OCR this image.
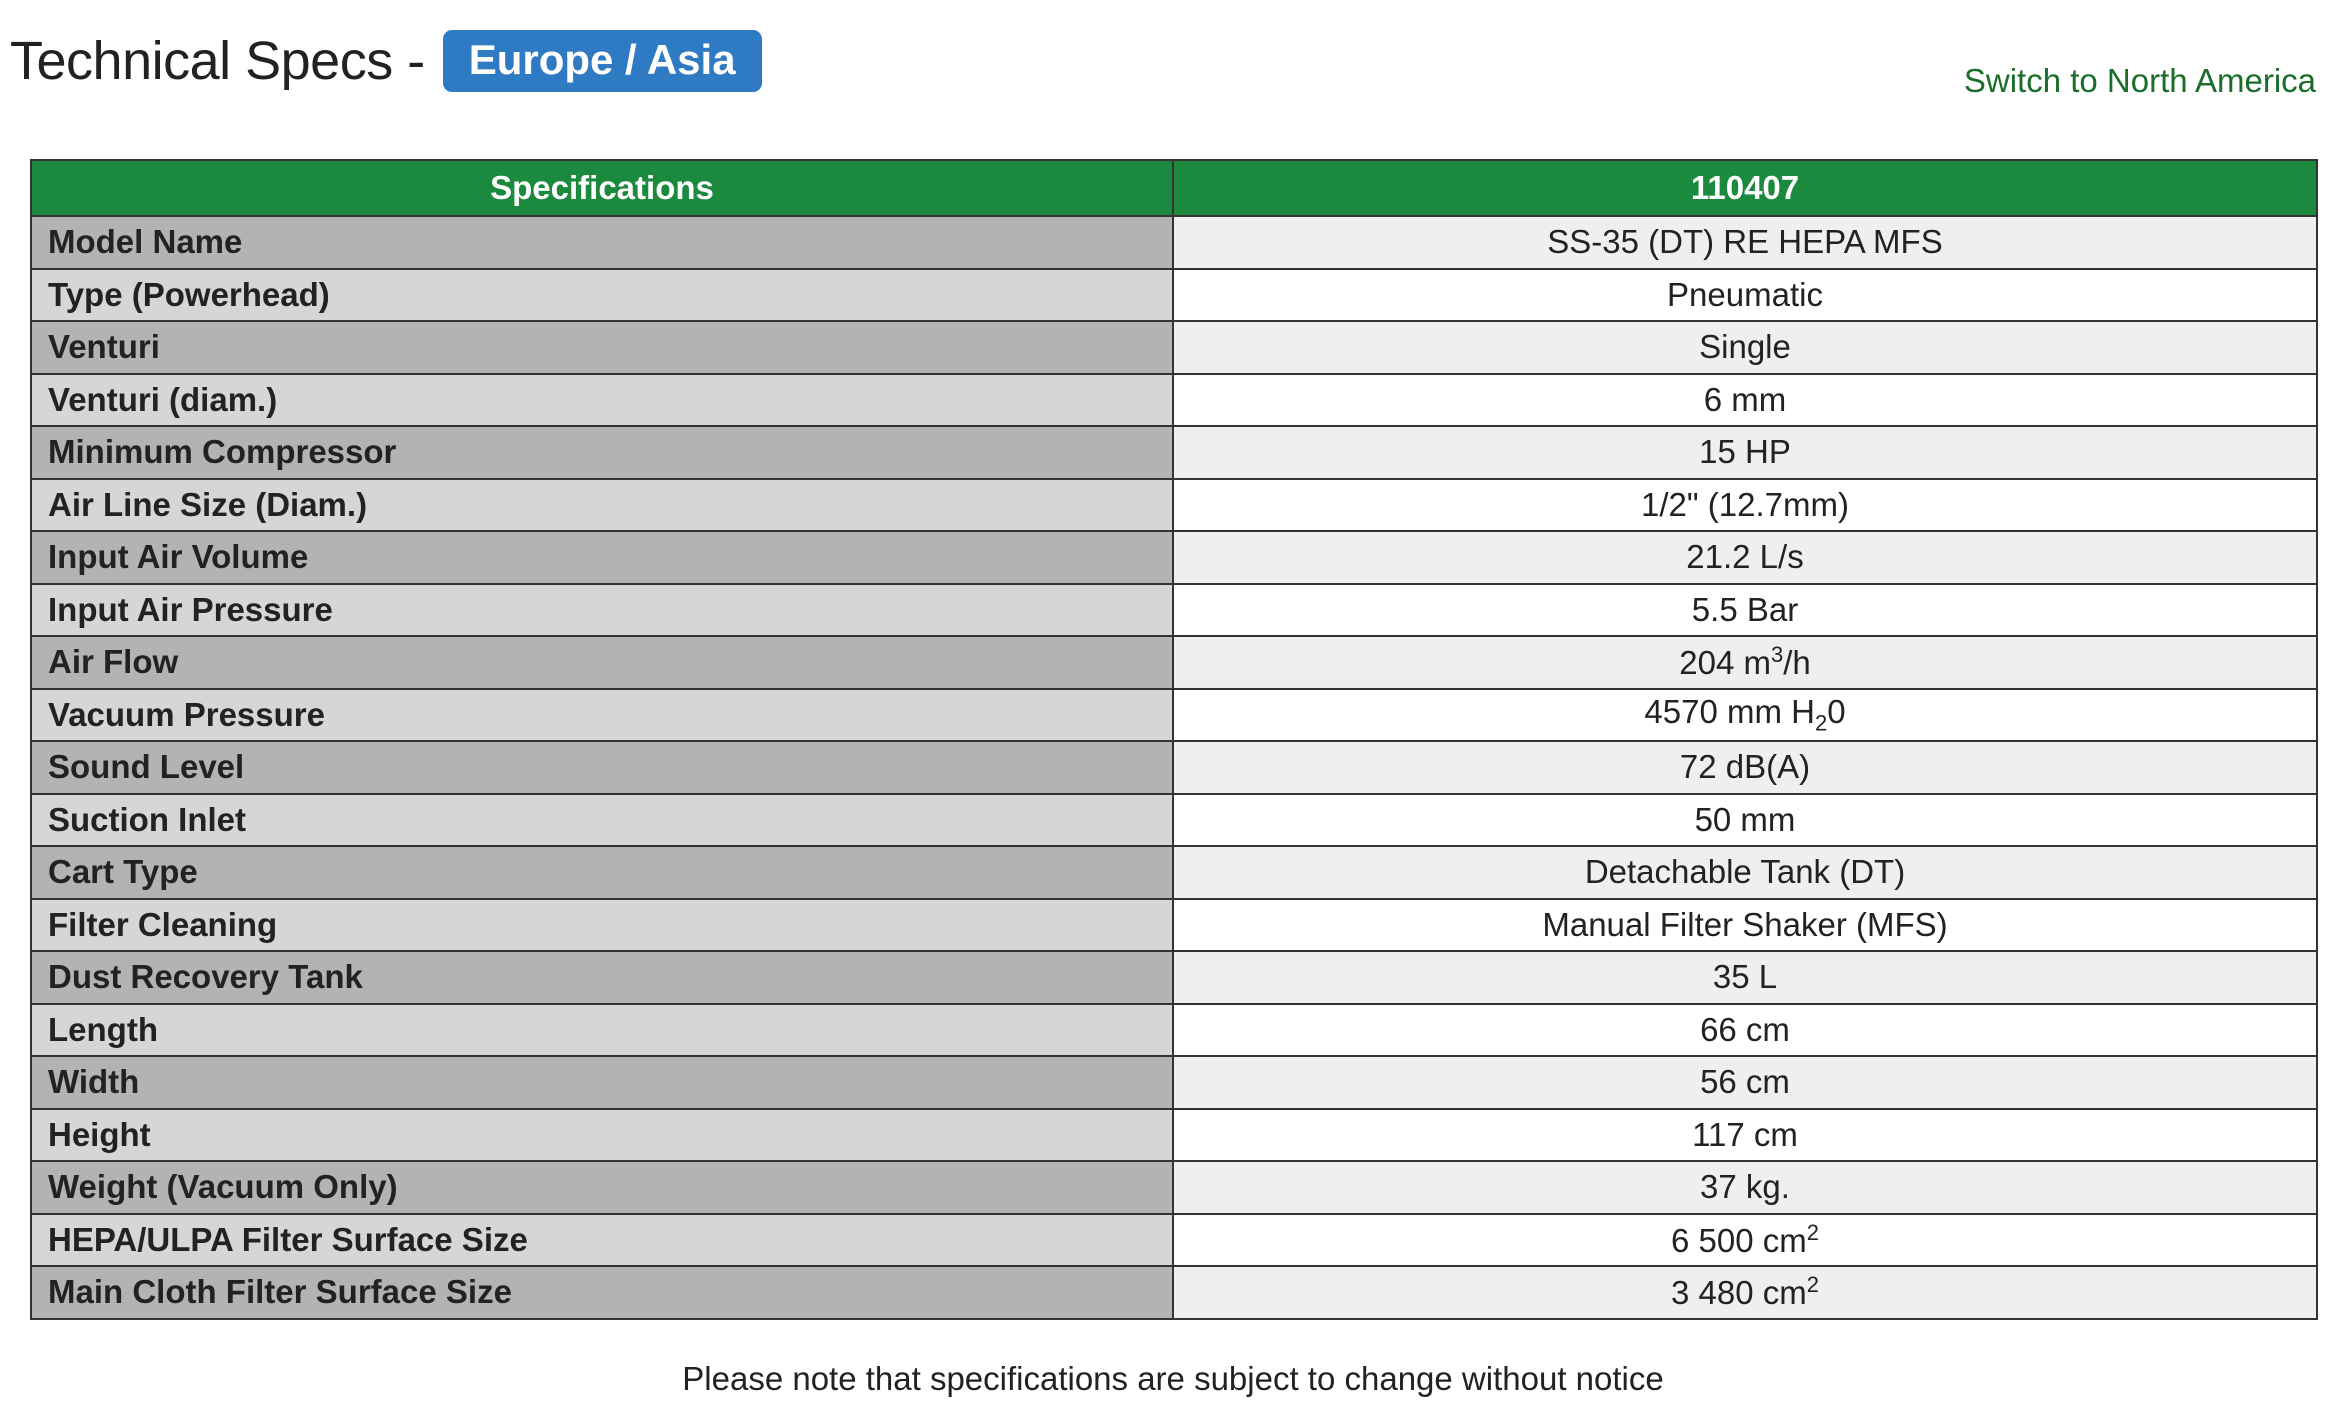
Technical Specs -	Europe / Asia	Switch to North America
Specifications	110407
Model Name	SS-35 (DT) RE HEPA MFS
Type (Powerhead)	Pneumatic
Venturi	Single
Venturi (diam.)	6 mm
Minimum Compressor	15 HP
Air Line Size (Diam.)	1/2" (12.7mm)
Input Air Volume	21.2 L/s
Input Air Pressure	5.5 Bar
Air Flow	204 $m^3/h$
Vacuum Pressure	4570 mm $H_20$
Sound Level	72 dB(A)
Suction Inlet	50 mm
Cart Type	Detachable Tank (DT)
Filter Cleaning	Manual Filter Shaker (MFS)
Dust Recovery Tank	35 L
Length	66 cm
Width	56 cm
Height	117 cm
Weight (Vacuum Only)	37 kg.
HEPA/ULPA Filter Surface Size	6 500 $cm^2$
Main Cloth Filter Surface Size	3 480 $cm^2$
Please note that specifications are subject to change without notice
